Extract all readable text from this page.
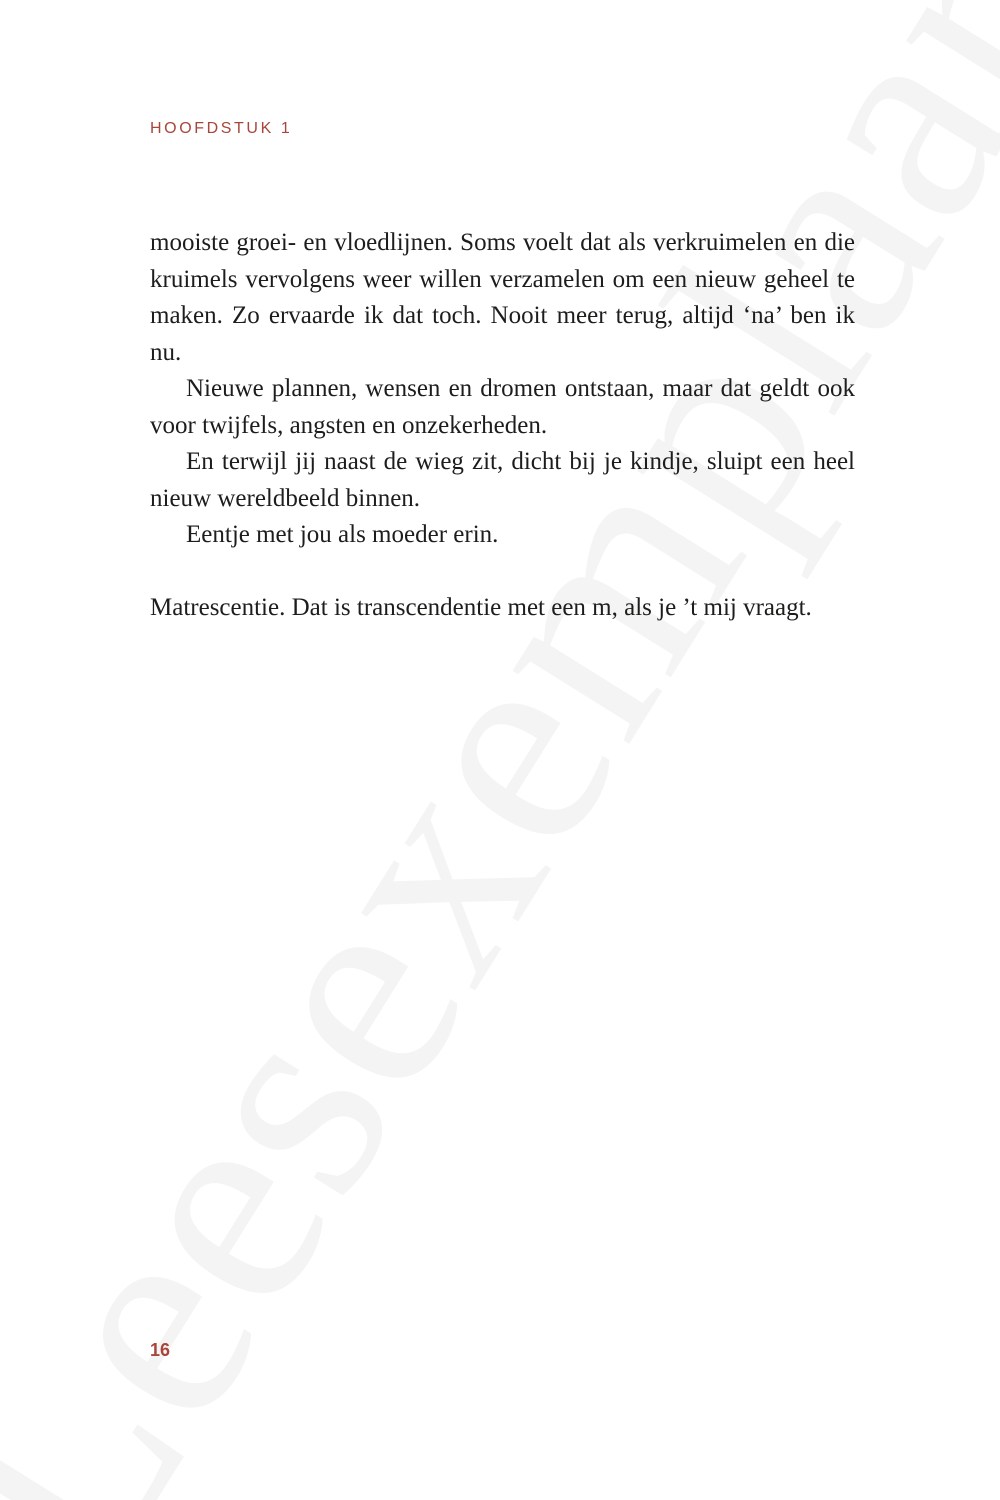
HOOFDSTUK 1

mooiste groei- en vloedlijnen. Soms voelt dat als verkruimelen en die kruimels vervolgens weer willen verzamelen om een nieuw geheel te maken. Zo ervaarde ik dat toch. Nooit meer terug, altijd ‘na’ ben ik nu.

Nieuwe plannen, wensen en dromen ontstaan, maar dat geldt ook voor twijfels, angsten en onzekerheden.

En terwijl jij naast de wieg zit, dicht bij je kindje, sluipt een heel nieuw wereldbeeld binnen.

Eentje met jou als moeder erin.

Matrescentie. Dat is transcendentie met een m, als je ’t mij vraagt.

16
